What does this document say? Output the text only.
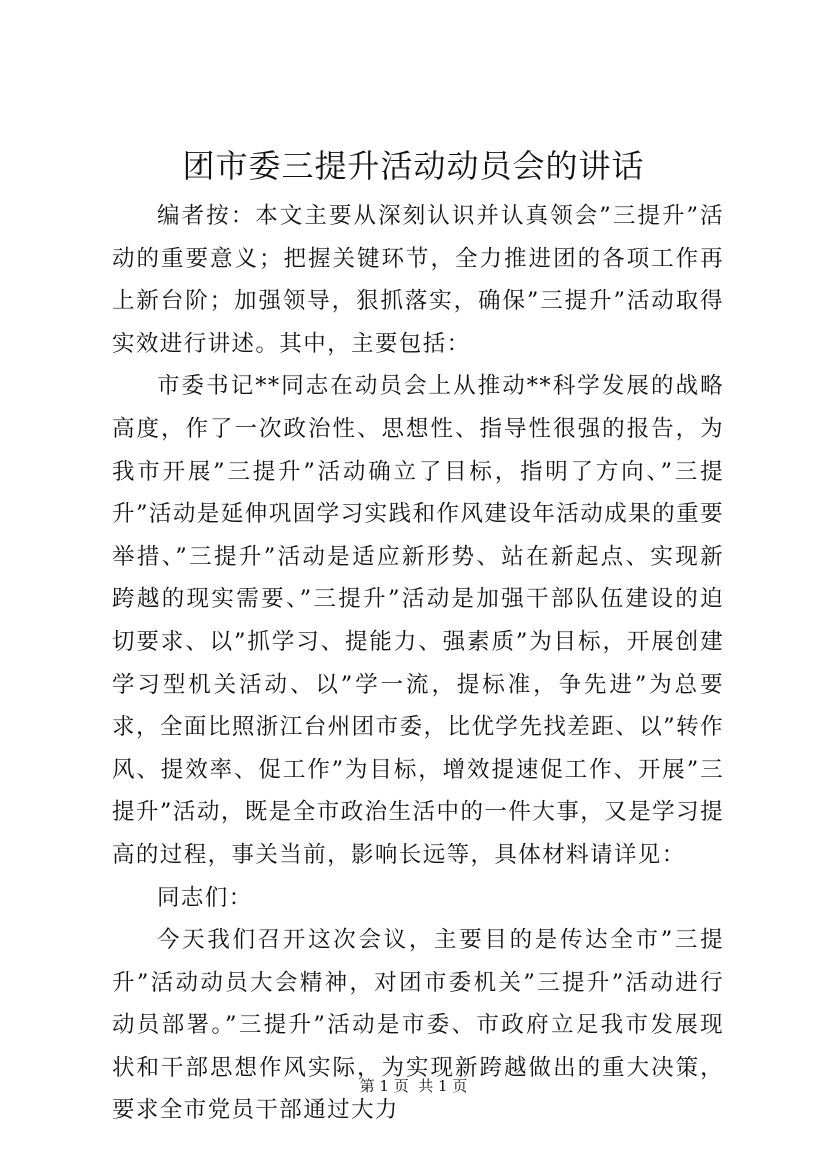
团市委三提升活动动员会的讲话

编者按：本文主要从深刻认识并认真领会”三提升”活动的重要意义；把握关键环节，全力推进团的各项工作再上新台阶；加强领导，狠抓落实，确保”三提升”活动取得实效进行讲述。其中，主要包括：

市委书记**同志在动员会上从推动**科学发展的战略高度，作了一次政治性、思想性、指导性很强的报告，为我市开展”三提升”活动确立了目标，指明了方向、”三提升”活动是延伸巩固学习实践和作风建设年活动成果的重要举措、”三提升”活动是适应新形势、站在新起点、实现新跨越的现实需要、”三提升”活动是加强干部队伍建设的迫切要求、以”抓学习、提能力、强素质”为目标，开展创建学习型机关活动、以”学一流，提标准，争先进”为总要求，全面比照浙江台州团市委，比优学先找差距、以”转作风、提效率、促工作”为目标，增效提速促工作、开展”三提升”活动，既是全市政治生活中的一件大事，又是学习提高的过程，事关当前，影响长远等，具体材料请详见：

同志们：

今天我们召开这次会议，主要目的是传达全市”三提升”活动动员大会精神，对团市委机关”三提升”活动进行动员部署。”三提升”活动是市委、市政府立足我市发展现状和干部思想作风实际，为实现新跨越做出的重大决策，要求全市党员干部通过大力

第 1 页  共 1 页
